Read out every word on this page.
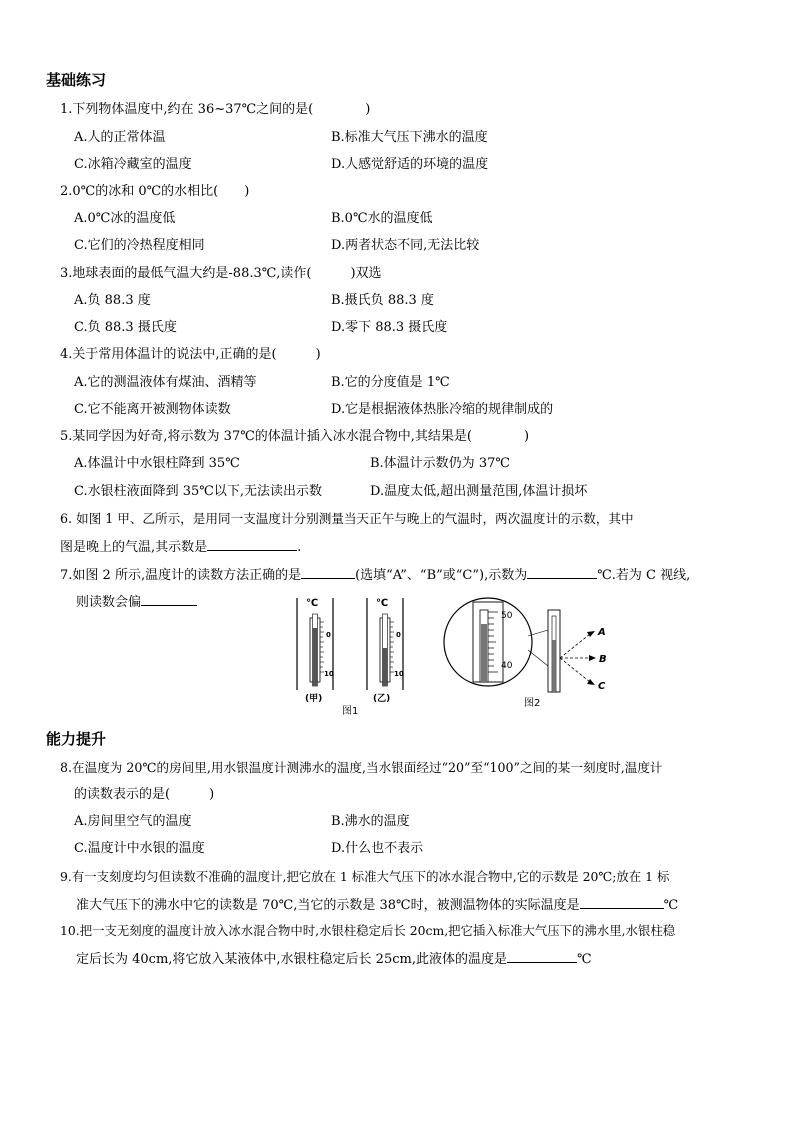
基础练习
1.下列物体温度中,约在 36~37℃之间的是(　　　　)
A.人的正常体温	B.标准大气压下沸水的温度
C.冰箱冷藏室的温度	D.人感觉舒适的环境的温度
2.0℃的冰和 0℃的水相比(　　)
A.0℃冰的温度低	B.0℃水的温度低
C.它们的冷热程度相同	D.两者状态不同,无法比较
3.地球表面的最低气温大约是-88.3℃,读作(　　　)双选
A.负 88.3 度	B.摄氏负 88.3 度
C.负 88.3 摄氏度	D.零下 88.3 摄氏度
4.关于常用体温计的说法中,正确的是(　　　)
A.它的测温液体有煤油、酒精等	B.它的分度值是 1℃
C.它不能离开被测物体读数	D.它是根据液体热胀冷缩的规律制成的
5.某同学因为好奇,将示数为 37℃的体温计插入冰水混合物中,其结果是(　　　　)
A.体温计中水银柱降到 35℃	B.体温计示数仍为 37℃
C.水银柱液面降到 35℃以下,无法读出示数	D.温度太低,超出测量范围,体温计损坏
6. 如图 1 甲、乙所示，是用同一支温度计分别测量当天正午与晚上的气温时，两次温度计的示数，其中
图是晚上的气温,其示数是	.
7.如图 2 所示,温度计的读数方法正确的是	(选填“A”、“B”或“C”),示数为	℃.若为 C 视线,
则读数会偏	℃
0
10
℃
0
10
(甲)	(乙)
图1
50
40
A
B
C
图2
能力提升
8.在温度为 20℃的房间里,用水银温度计测沸水的温度,当水银面经过“20”至“100”之间的某一刻度时,温度计
的读数表示的是(　　　)
A.房间里空气的温度	B.沸水的温度
C.温度计中水银的温度	D.什么也不表示
9.有一支刻度均匀但读数不准确的温度计,把它放在 1 标准大气压下的冰水混合物中,它的示数是 20℃;放在 1 标
准大气压下的沸水中它的读数是 70℃,当它的示数是 38℃时，被测温物体的实际温度是	℃
10.把一支无刻度的温度计放入冰水混合物中时,水银柱稳定后长 20cm,把它插入标准大气压下的沸水里,水银柱稳
定后长为 40cm,将它放入某液体中,水银柱稳定后长 25cm,此液体的温度是	℃
